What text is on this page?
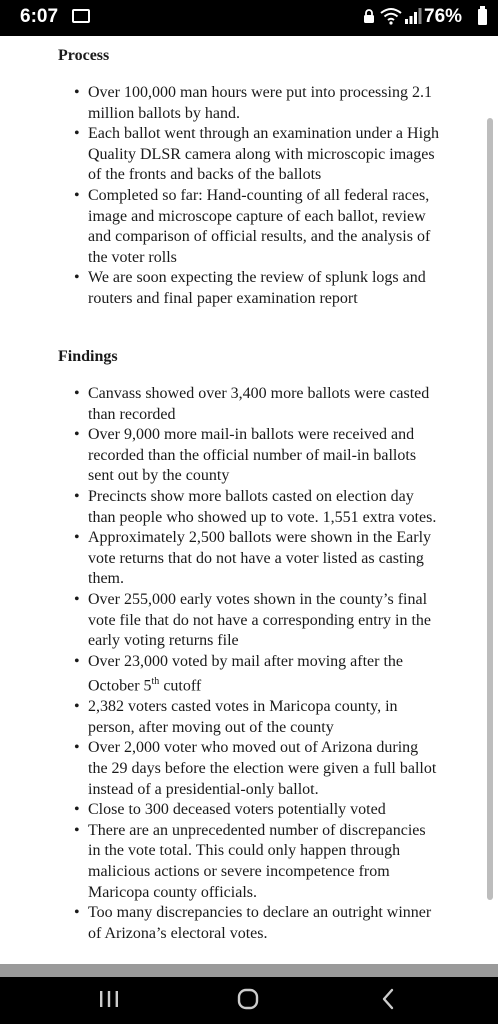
6:07	76%
Process
• Over 100,000 man hours were put into processing 2.1 million ballots by hand.
• Each ballot went through an examination under a High Quality DLSR camera along with microscopic images of the fronts and backs of the ballots
• Completed so far: Hand-counting of all federal races, image and microscope capture of each ballot, review and comparison of official results, and the analysis of the voter rolls
• We are soon expecting the review of splunk logs and routers and final paper examination report
Findings
• Canvass showed over 3,400 more ballots were casted than recorded
• Over 9,000 more mail-in ballots were received and recorded than the official number of mail-in ballots sent out by the county
• Precincts show more ballots casted on election day than people who showed up to vote. 1,551 extra votes.
• Approximately 2,500 ballots were shown in the Early vote returns that do not have a voter listed as casting them.
• Over 255,000 early votes shown in the county’s final vote file that do not have a corresponding entry in the early voting returns file
• Over 23,000 voted by mail after moving after the October 5th cutoff
• 2,382 voters casted votes in Maricopa county, in person, after moving out of the county
• Over 2,000 voter who moved out of Arizona during the 29 days before the election were given a full ballot instead of a presidential-only ballot.
• Close to 300 deceased voters potentially voted
• There are an unprecedented number of discrepancies in the vote total. This could only happen through malicious actions or severe incompetence from Maricopa county officials.
• Too many discrepancies to declare an outright winner of Arizona’s electoral votes.
